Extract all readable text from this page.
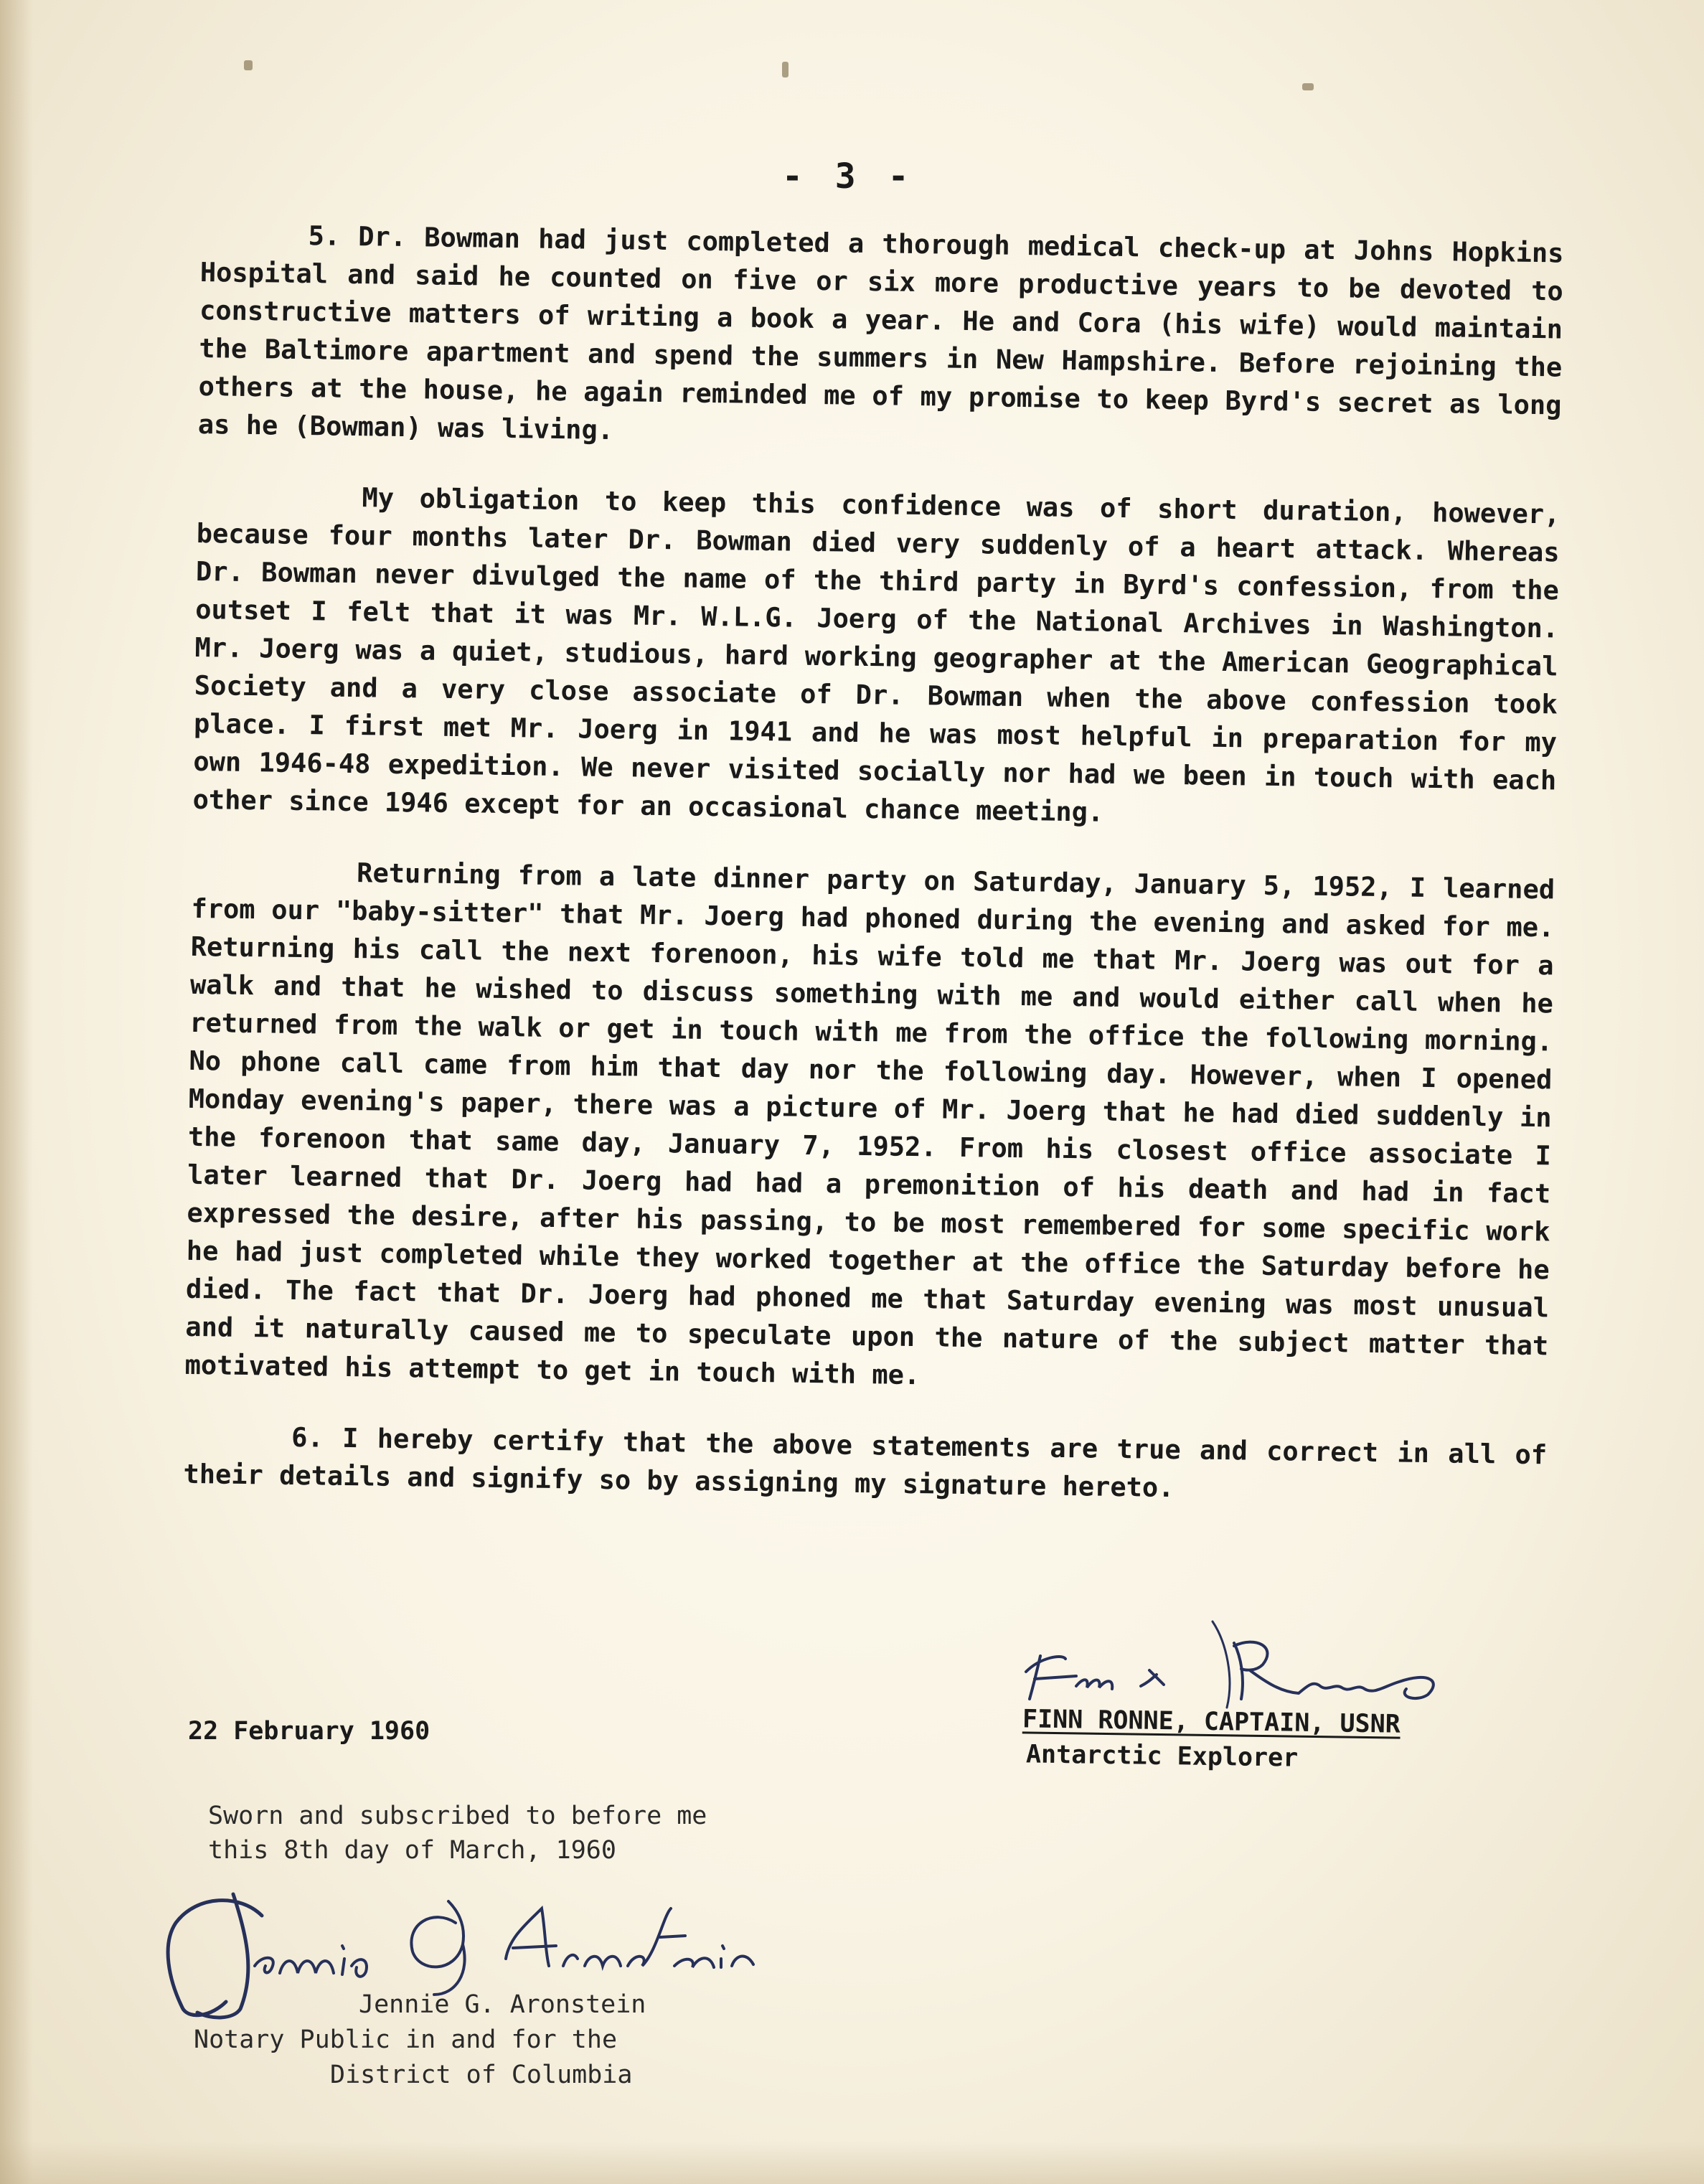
- 3 -

5. Dr. Bowman had just completed a thorough medical check-up at Johns Hopkins Hospital and said he counted on five or six more productive years to be devoted to constructive matters of writing a book a year. He and Cora (his wife) would maintain the Baltimore apartment and spend the summers in New Hampshire. Before rejoining the others at the house, he again reminded me of my promise to keep Byrd's secret as long as he (Bowman) was living.

My obligation to keep this confidence was of short duration, however, because four months later Dr. Bowman died very suddenly of a heart attack. Whereas Dr. Bowman never divulged the name of the third party in Byrd's confession, from the outset I felt that it was Mr. W.L.G. Joerg of the National Archives in Washington. Mr. Joerg was a quiet, studious, hard working geographer at the American Geographical Society and a very close associate of Dr. Bowman when the above confession took place. I first met Mr. Joerg in 1941 and he was most helpful in preparation for my own 1946-48 expedition. We never visited socially nor had we been in touch with each other since 1946 except for an occasional chance meeting.

Returning from a late dinner party on Saturday, January 5, 1952, I learned from our "baby-sitter" that Mr. Joerg had phoned during the evening and asked for me. Returning his call the next forenoon, his wife told me that Mr. Joerg was out for a walk and that he wished to discuss something with me and would either call when he returned from the walk or get in touch with me from the office the following morning. No phone call came from him that day nor the following day. However, when I opened Monday evening's paper, there was a picture of Mr. Joerg that he had died suddenly in the forenoon that same day, January 7, 1952. From his closest office associate I later learned that Dr. Joerg had had a premonition of his death and had in fact expressed the desire, after his passing, to be most remembered for some specific work he had just completed while they worked together at the office the Saturday before he died. The fact that Dr. Joerg had phoned me that Saturday evening was most unusual and it naturally caused me to speculate upon the nature of the subject matter that motivated his attempt to get in touch with me.

6. I hereby certify that the above statements are true and correct in all of their details and signify so by assigning my signature hereto.

FINN RONNE, CAPTAIN, USNR
Antarctic Explorer
22 February 1960
Sworn and subscribed to before me
this 8th day of March, 1960
Jennie G. Aronstein
Notary Public in and for the
District of Columbia
